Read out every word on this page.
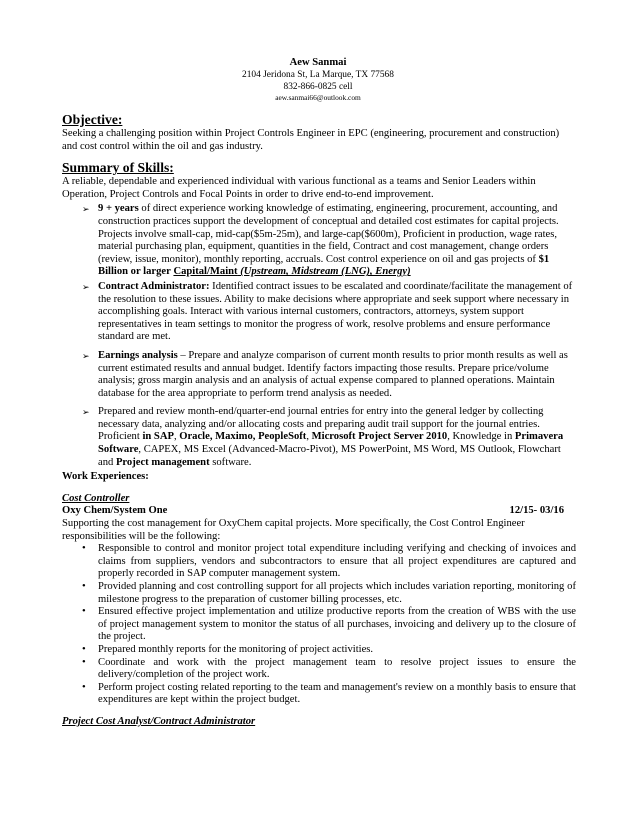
Aew Sanmai
2104 Jeridona St, La Marque, TX 77568
832-866-0825 cell
aew.sanmai66@outlook.com
Objective:

Seeking a challenging position within Project Controls Engineer in EPC (engineering, procurement and construction) and cost control within the oil and gas industry.

Summary of Skills:

A reliable, dependable and experienced individual with various functional as a teams and Senior Leaders within Operation, Project Controls and Focal Points in order to drive end-to-end improvement.

➢ 9 + years of direct experience working knowledge of estimating, engineering, procurement, accounting, and construction practices support the development of conceptual and detailed cost estimates for capital projects. Projects involve small-cap, mid-cap($5m-25m), and large-cap($600m), Proficient in production, wage rates, material purchasing plan, equipment, quantities in the field, Contract and cost management, change orders (review, issue, monitor), monthly reporting, accruals. Cost control experience on oil and gas projects of $1 Billion or larger Capital/Maint (Upstream, Midstream (LNG), Energy)
➢ Contract Administrator: Identified contract issues to be escalated and coordinate/facilitate the management of the resolution to these issues. Ability to make decisions where appropriate and seek support where necessary in accomplishing goals. Interact with various internal customers, contractors, attorneys, system support representatives in team settings to monitor the progress of work, resolve problems and ensure performance standard are met.
➢ Earnings analysis – Prepare and analyze comparison of current month results to prior month results as well as current estimated results and annual budget. Identify factors impacting those results. Prepare price/volume analysis; gross margin analysis and an analysis of actual expense compared to planned operations. Maintain database for the area appropriate to perform trend analysis as needed.
➢ Prepared and review month-end/quarter-end journal entries for entry into the general ledger by collecting necessary data, analyzing and/or allocating costs and preparing audit trail support for the journal entries. Proficient in SAP, Oracle, Maximo, PeopleSoft, Microsoft Project Server 2010, Knowledge in Primavera Software, CAPEX, MS Excel (Advanced-Macro-Pivot), MS PowerPoint, MS Word, MS Outlook, Flowchart and Project management software.
Work Experiences:
Cost Controller
Oxy Chem/System One	12/15- 03/16

Supporting the cost management for OxyChem capital projects. More specifically, the Cost Control Engineer responsibilities will be the following:

• Responsible to control and monitor project total expenditure including verifying and checking of invoices and claims from suppliers, vendors and subcontractors to ensure that all project expenditures are captured and properly recorded in SAP computer management system.
• Provided planning and cost controlling support for all projects which includes variation reporting, monitoring of milestone progress to the preparation of customer billing processes, etc.
• Ensured effective project implementation and utilize productive reports from the creation of WBS with the use of project management system to monitor the status of all purchases, invoicing and delivery up to the closure of the project.
• Prepared monthly reports for the monitoring of project activities.
• Coordinate and work with the project management team to resolve project issues to ensure the delivery/completion of the project work.
• Perform project costing related reporting to the team and management's review on a monthly basis to ensure that expenditures are kept within the project budget.
Project Cost Analyst/Contract Administrator
